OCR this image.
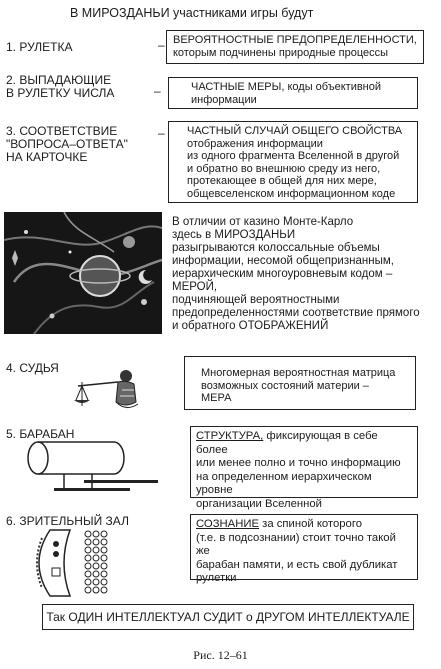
В МИРОЗДАНЬИ участниками игры будут
1. РУЛЕТКА	– ВЕРОЯТНОСТНЫЕ ПРЕДОПРЕДЕЛЕННОСТИ,
которым подчинены природные процессы
2. ВЫПАДАЮЩИЕ
В РУЛЕТКУ ЧИСЛА	–	ЧАСТНЫЕ МЕРЫ, коды объективной
информации
3. СООТВЕТСТВИЕ
"ВОПРОСА–ОТВЕТА"
НА КАРТОЧКЕ
–	ЧАСТНЫЙ СЛУЧАЙ ОБЩЕГО СВОЙСТВА
отображения информации
из одного фрагмента Вселенной в другой
и обратно во внешнюю среду из него,
протекающее в общей для них мере,
общевселенском информационном коде
В отличии от казино Монте-Карло
здесь в МИРОЗДАНЬИ
разыгрываются колоссальные объемы
информации, несомой общепризнанным,
иерархическим многоуровневым кодом –
МЕРОЙ,
подчиняющей вероятностными
предопределенностями соответствие прямого
и обратного ОТОБРАЖЕНИЙ
4. СУДЬЯ	Многомерная вероятностная матрица
возможных состояний материи –
МЕРА
5. БАРАБАН	СТРУКТУРА, фиксирующая в себе более
или менее полно и точно информацию
на определенном иерархическом уровне
организации Вселенной
6. ЗРИТЕЛЬНЫЙ ЗАЛ	СОЗНАНИЕ за спиной которого
(т.е. в подсознании) стоит точно такой же
барабан памяти, и есть свой дубликат
рулетки
Так ОДИН ИНТЕЛЛЕКТУАЛ СУДИТ о ДРУГОМ ИНТЕЛЛЕКТУАЛЕ
Рис. 12–61
